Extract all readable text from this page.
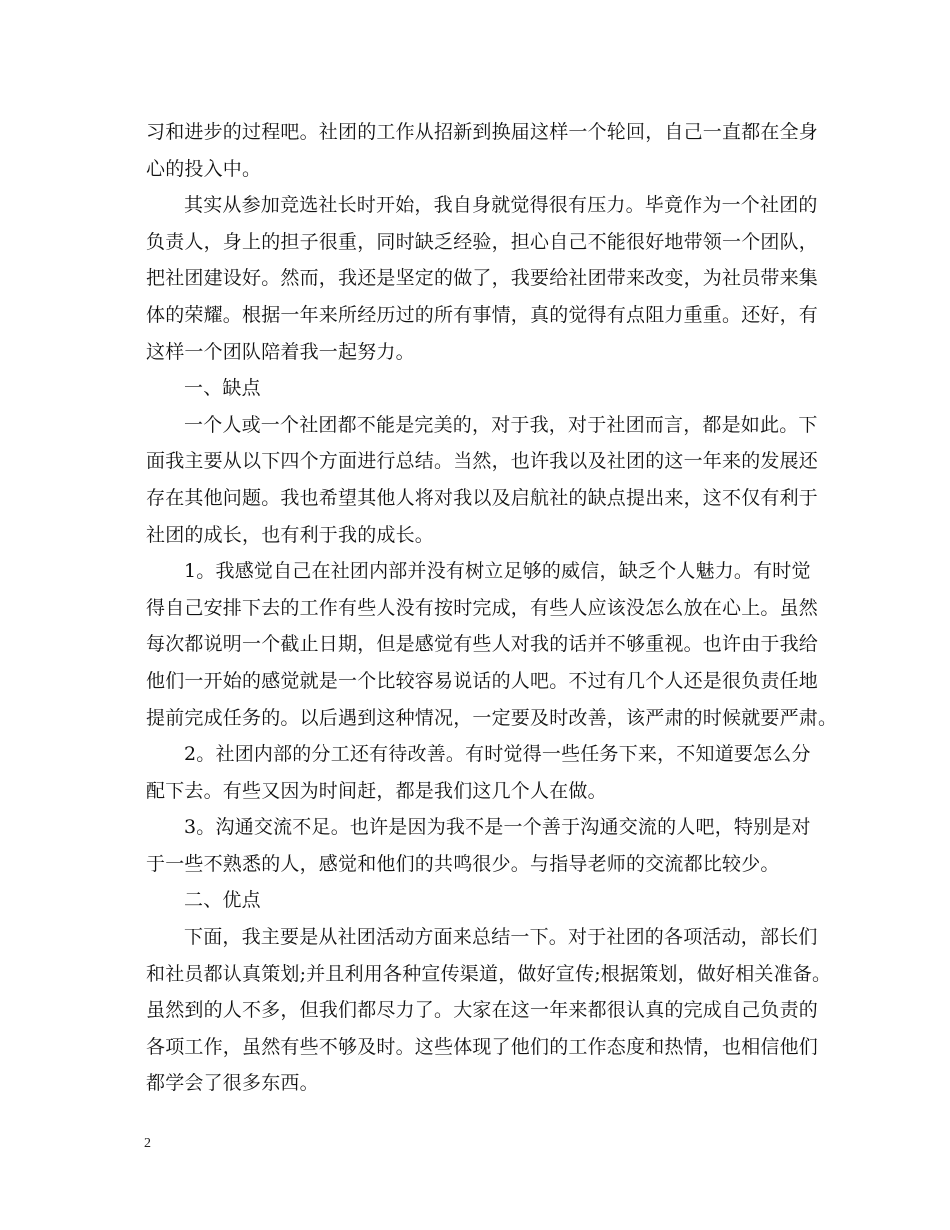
习和进步的过程吧。社团的工作从招新到换届这样一个轮回，自己一直都在全身
心的投入中。

其实从参加竞选社长时开始，我自身就觉得很有压力。毕竟作为一个社团的
负责人，身上的担子很重，同时缺乏经验，担心自己不能很好地带领一个团队，
把社团建设好。然而，我还是坚定的做了，我要给社团带来改变，为社员带来集
体的荣耀。根据一年来所经历过的所有事情，真的觉得有点阻力重重。还好，有
这样一个团队陪着我一起努力。

一、缺点

一个人或一个社团都不能是完美的，对于我，对于社团而言，都是如此。下
面我主要从以下四个方面进行总结。当然，也许我以及社团的这一年来的发展还
存在其他问题。我也希望其他人将对我以及启航社的缺点提出来，这不仅有利于
社团的成长，也有利于我的成长。

1。我感觉自己在社团内部并没有树立足够的威信，缺乏个人魅力。有时觉
得自己安排下去的工作有些人没有按时完成，有些人应该没怎么放在心上。虽然
每次都说明一个截止日期，但是感觉有些人对我的话并不够重视。也许由于我给
他们一开始的感觉就是一个比较容易说话的人吧。不过有几个人还是很负责任地
提前完成任务的。以后遇到这种情况，一定要及时改善，该严肃的时候就要严肃。

2。社团内部的分工还有待改善。有时觉得一些任务下来，不知道要怎么分
配下去。有些又因为时间赶，都是我们这几个人在做。

3。沟通交流不足。也许是因为我不是一个善于沟通交流的人吧，特别是对
于一些不熟悉的人，感觉和他们的共鸣很少。与指导老师的交流都比较少。

二、优点

下面，我主要是从社团活动方面来总结一下。对于社团的各项活动，部长们
和社员都认真策划;并且利用各种宣传渠道，做好宣传;根据策划，做好相关准备。
虽然到的人不多，但我们都尽力了。大家在这一年来都很认真的完成自己负责的
各项工作，虽然有些不够及时。这些体现了他们的工作态度和热情，也相信他们
都学会了很多东西。

2
